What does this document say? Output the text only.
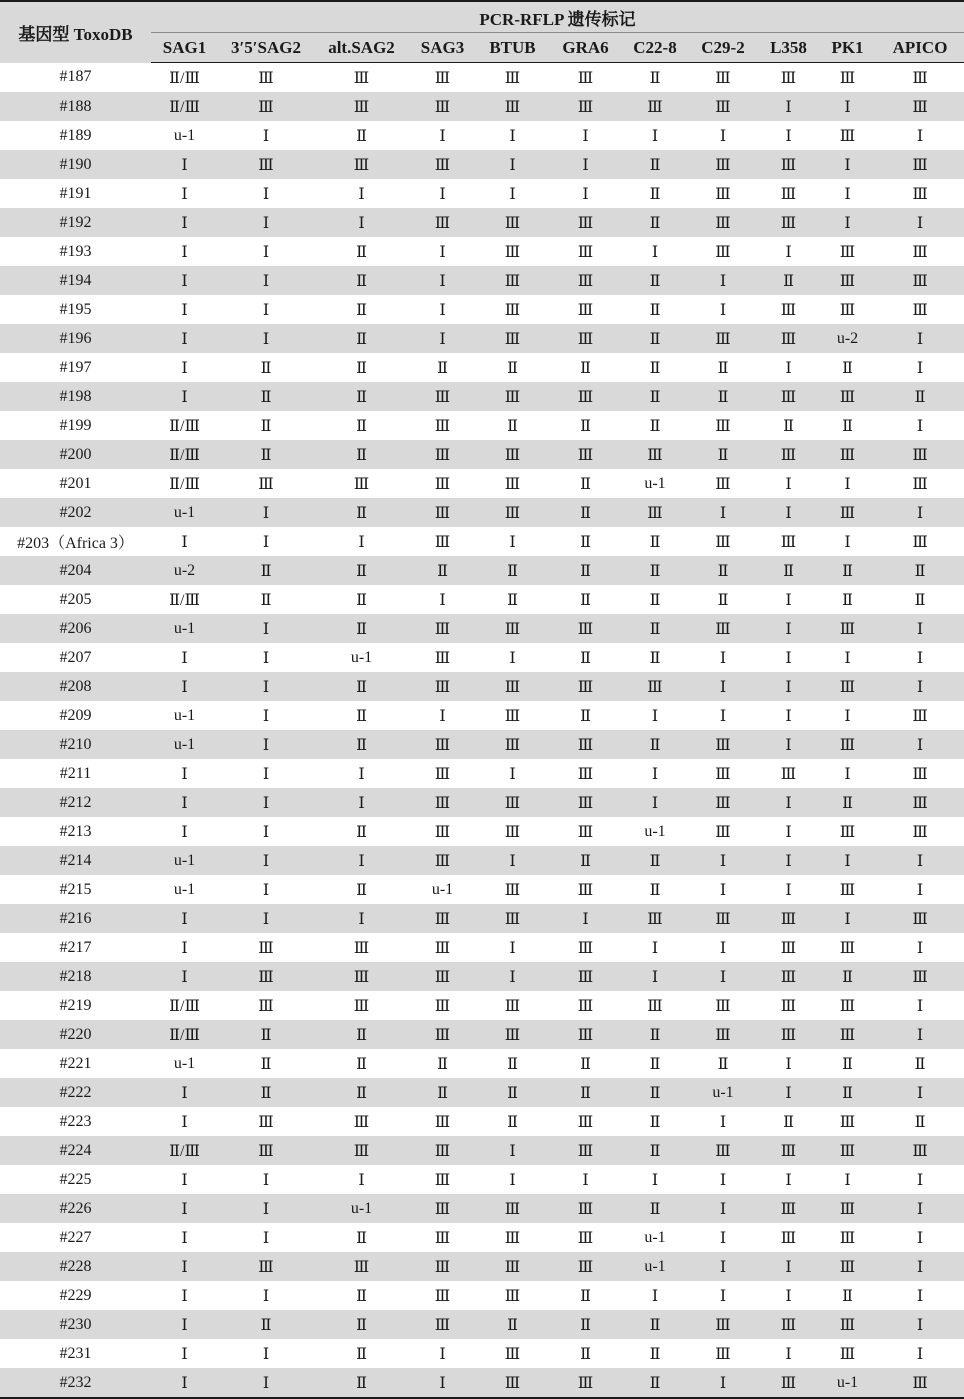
基因型 ToxoDB	PCR-RFLP 遗传标记										
	SAG1	3′5′SAG2	alt.SAG2	SAG3	BTUB	GRA6	C22-8	C29-2	L358	PK1	APICO
#187	Ⅱ/Ⅲ	Ⅲ	Ⅲ	Ⅲ	Ⅲ	Ⅲ	Ⅱ	Ⅲ	Ⅲ	Ⅲ	Ⅲ
#188	Ⅱ/Ⅲ	Ⅲ	Ⅲ	Ⅲ	Ⅲ	Ⅲ	Ⅲ	Ⅲ	Ⅰ	Ⅰ	Ⅲ
#189	u-1	Ⅰ	Ⅱ	Ⅰ	Ⅰ	Ⅰ	Ⅰ	Ⅰ	Ⅰ	Ⅲ	Ⅰ
#190	Ⅰ	Ⅲ	Ⅲ	Ⅲ	Ⅰ	Ⅰ	Ⅱ	Ⅲ	Ⅲ	Ⅰ	Ⅲ
#191	Ⅰ	Ⅰ	Ⅰ	Ⅰ	Ⅰ	Ⅰ	Ⅱ	Ⅲ	Ⅲ	Ⅰ	Ⅲ
#192	Ⅰ	Ⅰ	Ⅰ	Ⅲ	Ⅲ	Ⅲ	Ⅱ	Ⅲ	Ⅲ	Ⅰ	Ⅰ
#193	Ⅰ	Ⅰ	Ⅱ	Ⅰ	Ⅲ	Ⅲ	Ⅰ	Ⅲ	Ⅰ	Ⅲ	Ⅲ
#194	Ⅰ	Ⅰ	Ⅱ	Ⅰ	Ⅲ	Ⅲ	Ⅱ	Ⅰ	Ⅱ	Ⅲ	Ⅲ
#195	Ⅰ	Ⅰ	Ⅱ	Ⅰ	Ⅲ	Ⅲ	Ⅱ	Ⅰ	Ⅲ	Ⅲ	Ⅲ
#196	Ⅰ	Ⅰ	Ⅱ	Ⅰ	Ⅲ	Ⅲ	Ⅱ	Ⅲ	Ⅲ	u-2	Ⅰ
#197	Ⅰ	Ⅱ	Ⅱ	Ⅱ	Ⅱ	Ⅱ	Ⅱ	Ⅱ	Ⅰ	Ⅱ	Ⅰ
#198	Ⅰ	Ⅱ	Ⅱ	Ⅲ	Ⅲ	Ⅲ	Ⅱ	Ⅱ	Ⅲ	Ⅲ	Ⅱ
#199	Ⅱ/Ⅲ	Ⅱ	Ⅱ	Ⅲ	Ⅱ	Ⅱ	Ⅱ	Ⅲ	Ⅱ	Ⅱ	Ⅰ
#200	Ⅱ/Ⅲ	Ⅱ	Ⅱ	Ⅲ	Ⅲ	Ⅲ	Ⅲ	Ⅱ	Ⅲ	Ⅲ	Ⅲ
#201	Ⅱ/Ⅲ	Ⅲ	Ⅲ	Ⅲ	Ⅲ	Ⅱ	u-1	Ⅲ	Ⅰ	Ⅰ	Ⅲ
#202	u-1	Ⅰ	Ⅱ	Ⅲ	Ⅲ	Ⅱ	Ⅲ	Ⅰ	Ⅰ	Ⅲ	Ⅰ
#203（Africa 3）	Ⅰ	Ⅰ	Ⅰ	Ⅲ	Ⅰ	Ⅱ	Ⅱ	Ⅲ	Ⅲ	Ⅰ	Ⅲ
#204	u-2	Ⅱ	Ⅱ	Ⅱ	Ⅱ	Ⅱ	Ⅱ	Ⅱ	Ⅱ	Ⅱ	Ⅱ
#205	Ⅱ/Ⅲ	Ⅱ	Ⅱ	Ⅰ	Ⅱ	Ⅱ	Ⅱ	Ⅱ	Ⅰ	Ⅱ	Ⅱ
#206	u-1	Ⅰ	Ⅱ	Ⅲ	Ⅲ	Ⅲ	Ⅱ	Ⅲ	Ⅰ	Ⅲ	Ⅰ
#207	Ⅰ	Ⅰ	u-1	Ⅲ	Ⅰ	Ⅱ	Ⅱ	Ⅰ	Ⅰ	Ⅰ	Ⅰ
#208	Ⅰ	Ⅰ	Ⅱ	Ⅲ	Ⅲ	Ⅲ	Ⅲ	Ⅰ	Ⅰ	Ⅲ	Ⅰ
#209	u-1	Ⅰ	Ⅱ	Ⅰ	Ⅲ	Ⅱ	Ⅰ	Ⅰ	Ⅰ	Ⅰ	Ⅲ
#210	u-1	Ⅰ	Ⅱ	Ⅲ	Ⅲ	Ⅲ	Ⅱ	Ⅲ	Ⅰ	Ⅲ	Ⅰ
#211	Ⅰ	Ⅰ	Ⅰ	Ⅲ	Ⅰ	Ⅲ	Ⅰ	Ⅲ	Ⅲ	Ⅰ	Ⅲ
#212	Ⅰ	Ⅰ	Ⅰ	Ⅲ	Ⅲ	Ⅲ	Ⅰ	Ⅲ	Ⅰ	Ⅱ	Ⅲ
#213	Ⅰ	Ⅰ	Ⅱ	Ⅲ	Ⅲ	Ⅲ	u-1	Ⅲ	Ⅰ	Ⅲ	Ⅲ
#214	u-1	Ⅰ	Ⅰ	Ⅲ	Ⅰ	Ⅱ	Ⅱ	Ⅰ	Ⅰ	Ⅰ	Ⅰ
#215	u-1	Ⅰ	Ⅱ	u-1	Ⅲ	Ⅲ	Ⅱ	Ⅰ	Ⅰ	Ⅲ	Ⅰ
#216	Ⅰ	Ⅰ	Ⅰ	Ⅲ	Ⅲ	Ⅰ	Ⅲ	Ⅲ	Ⅲ	Ⅰ	Ⅲ
#217	Ⅰ	Ⅲ	Ⅲ	Ⅲ	Ⅰ	Ⅲ	Ⅰ	Ⅰ	Ⅲ	Ⅲ	Ⅰ
#218	Ⅰ	Ⅲ	Ⅲ	Ⅲ	Ⅰ	Ⅲ	Ⅰ	Ⅰ	Ⅲ	Ⅱ	Ⅲ
#219	Ⅱ/Ⅲ	Ⅲ	Ⅲ	Ⅲ	Ⅲ	Ⅲ	Ⅲ	Ⅲ	Ⅲ	Ⅲ	Ⅰ
#220	Ⅱ/Ⅲ	Ⅱ	Ⅱ	Ⅲ	Ⅲ	Ⅲ	Ⅱ	Ⅲ	Ⅲ	Ⅲ	Ⅰ
#221	u-1	Ⅱ	Ⅱ	Ⅱ	Ⅱ	Ⅱ	Ⅱ	Ⅱ	Ⅰ	Ⅱ	Ⅱ
#222	Ⅰ	Ⅱ	Ⅱ	Ⅱ	Ⅱ	Ⅱ	Ⅱ	u-1	Ⅰ	Ⅱ	Ⅰ
#223	Ⅰ	Ⅲ	Ⅲ	Ⅲ	Ⅱ	Ⅲ	Ⅱ	Ⅰ	Ⅱ	Ⅲ	Ⅱ
#224	Ⅱ/Ⅲ	Ⅲ	Ⅲ	Ⅲ	Ⅰ	Ⅲ	Ⅱ	Ⅲ	Ⅲ	Ⅲ	Ⅲ
#225	Ⅰ	Ⅰ	Ⅰ	Ⅲ	Ⅰ	Ⅰ	Ⅰ	Ⅰ	Ⅰ	Ⅰ	Ⅰ
#226	Ⅰ	Ⅰ	u-1	Ⅲ	Ⅲ	Ⅲ	Ⅱ	Ⅰ	Ⅲ	Ⅲ	Ⅰ
#227	Ⅰ	Ⅰ	Ⅱ	Ⅲ	Ⅲ	Ⅲ	u-1	Ⅰ	Ⅲ	Ⅲ	Ⅰ
#228	Ⅰ	Ⅲ	Ⅲ	Ⅲ	Ⅲ	Ⅲ	u-1	Ⅰ	Ⅰ	Ⅲ	Ⅰ
#229	Ⅰ	Ⅰ	Ⅱ	Ⅲ	Ⅲ	Ⅱ	Ⅰ	Ⅰ	Ⅰ	Ⅱ	Ⅰ
#230	Ⅰ	Ⅱ	Ⅱ	Ⅲ	Ⅱ	Ⅱ	Ⅱ	Ⅲ	Ⅲ	Ⅲ	Ⅰ
#231	Ⅰ	Ⅰ	Ⅱ	Ⅰ	Ⅲ	Ⅱ	Ⅱ	Ⅲ	Ⅰ	Ⅲ	Ⅰ
#232	Ⅰ	Ⅰ	Ⅱ	Ⅰ	Ⅲ	Ⅲ	Ⅱ	Ⅰ	Ⅲ	u-1	Ⅲ
